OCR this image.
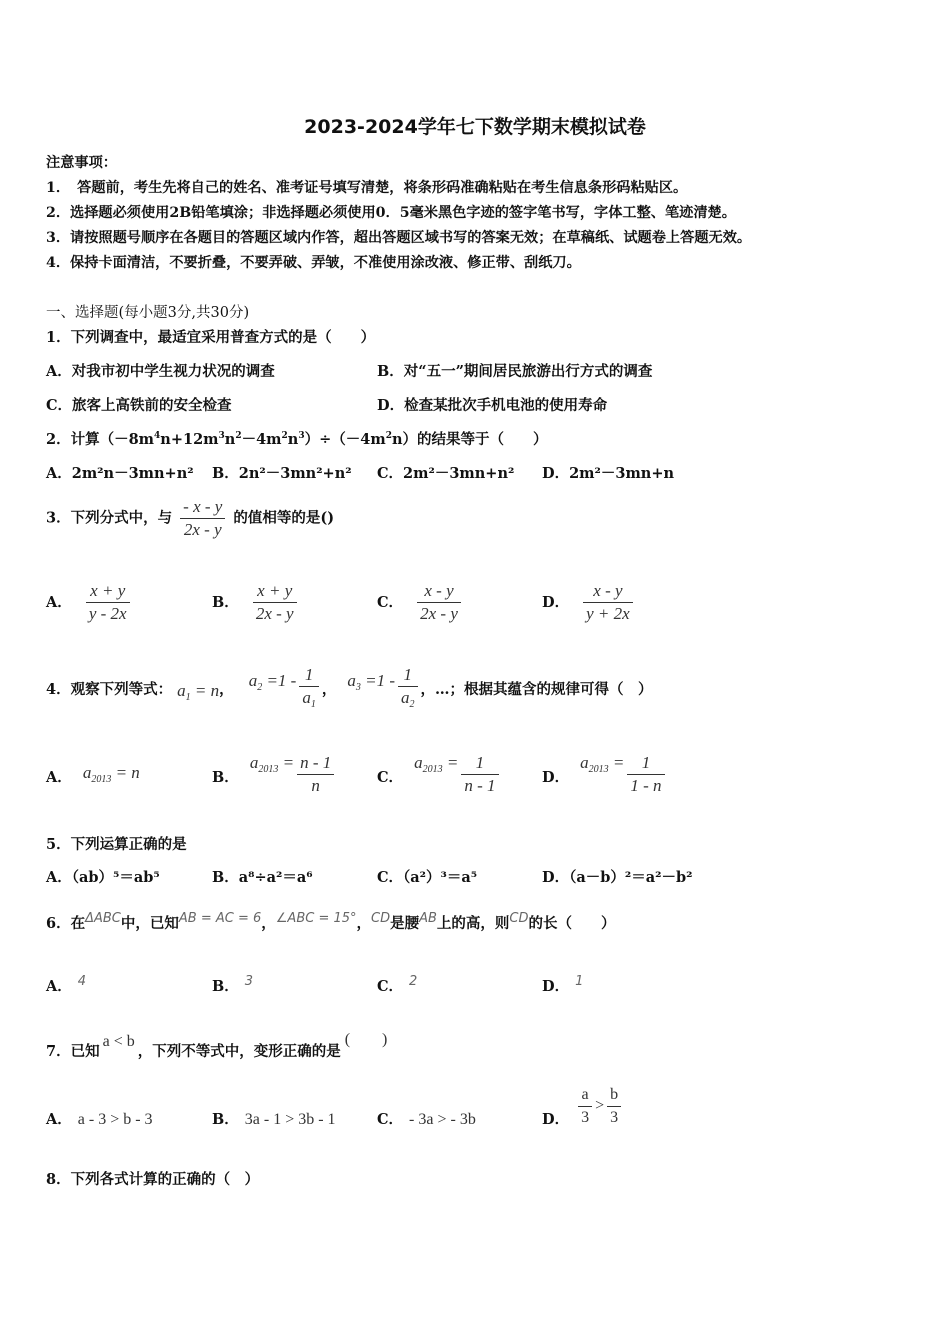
2023-2024学年七下数学期末模拟试卷
注意事项：
1．　答题前，考生先将自己的姓名、准考证号填写清楚，将条形码准确粘贴在考生信息条形码粘贴区。
2．选择题必须使用2B铅笔填涂；非选择题必须使用0．5毫米黑色字迹的签字笔书写，字体工整、笔迹清楚。
3．请按照题号顺序在各题目的答题区域内作答，超出答题区域书写的答案无效；在草稿纸、试题卷上答题无效。
4．保持卡面清洁，不要折叠，不要弄破、弄皱，不准使用涂改液、修正带、刮纸刀。
一、选择题(每小题3分,共30分)
1．下列调查中，最适宜采用普查方式的是（　　）
A．对我市初中学生视力状况的调查	B．对“五一”期间居民旅游出行方式的调查
C．旅客上高铁前的安全检查	D．检查某批次手机电池的使用寿命
2．计算$(-8m^4n+12m^3n^2-4m^2n^3)\div(-4m^2n)$的结果等于（　　）
A．2m²n－3mn+n² B．2n²－3mn²+n² C．2m²－3mn+n² D．2m²－3mn+n
3．下列分式中，与 $\frac{- x - y}{2x - y}$ 的值相等的是()
A． $\frac{x + y}{y - 2x}$	B． $\frac{x + y}{2x - y}$	C． $\frac{x - y}{2x - y}$	D． $\frac{x - y}{y + 2x}$
4．观察下列等式： $a_1 = n$， $a_2 =1 - \frac{1}{a_1}$ ， $a_3 =1 - \frac{1}{a_2}$ ，…；根据其蕴含的规律可得（　）
A． $a_{2013} = n$	B． $a_{2013} = \frac{n - 1}{n}$	C． $a_{2013} = \frac{1}{n - 1}$	D． $a_{2013} = \frac{1}{1 - n}$
5．下列运算正确的是
A．（ab）⁵＝ab⁵	B．a⁸÷a²＝a⁶	C．（a²）³＝a⁵	D．（a－b）²＝a²－b²
6．在ΔABC中，已知AB = AC = 6，∠ABC = 15°，CD是腰AB上的高，则CD的长（　　）
A． 4	B． 3	C． 2	D． 1
7．已知a < b，下列不等式中，变形正确的是(　　)
A． a - 3 > b - 3	B． 3a - 1 > 3b - 1	C． - 3a > - 3b	D． $\frac{a}{3} > \frac{b}{3}$
8．下列各式计算的正确的（　）
